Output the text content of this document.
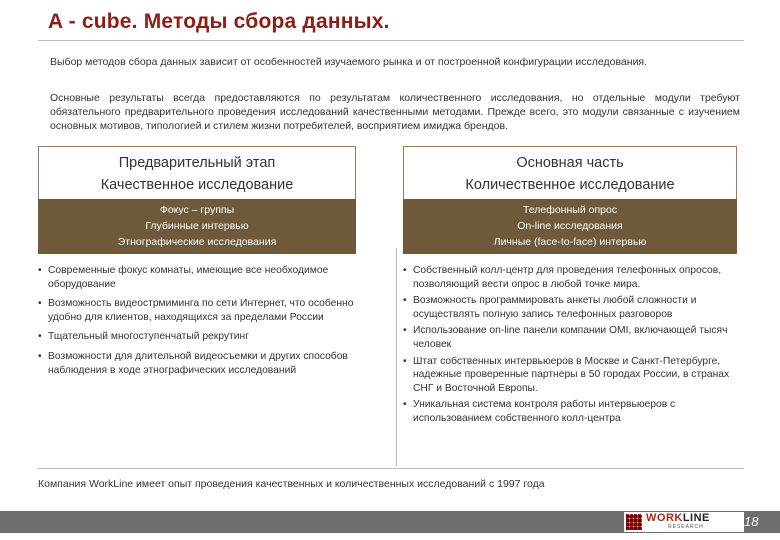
A - cube. Методы сбора данных.
Выбор методов сбора данных зависит от особенностей изучаемого рынка и от построенной конфигурации исследования.
Основные результаты всегда предоставляются по результатам количественного исследования, но отдельные модули требуют обязательного предварительного проведения исследований качественными методами. Прежде всего, это модули связанные с изучением основных мотивов, типологией и стилем жизни потребителей, восприятием имиджа брендов.
Предварительный этап
Качественное исследование
Фокус – группы
Глубинные интервью
Этнографические исследования
• Современные фокус комнаты, имеющие все необходимое оборудование
• Возможность видеострмиминга по сети Интернет, что особенно удобно для клиентов, находящихся за пределами России
• Тщательный многоступенчатый рекрутинг
• Возможности для длительной видеосъемки и других способов наблюдения в ходе этнографических исследований
Основная часть
Количественное исследование
Телефонный опрос
On-line исследования
Личные (face-to-face) интервью
• Собственный колл-центр для проведения телефонных опросов, позволяющий вести опрос в любой точке мира.
• Возможность программировать анкеты любой сложности и осуществлять полную запись телефонных разговоров
• Использование on-line панели компании OMI, включающей тысяч человек
• Штат собственных интервьюеров в Москве и Санкт-Петербурге, надежные проверенные партнеры в 50 городах России, в странах СНГ и Восточной Европы.
• Уникальная система контроля работы интервьюеров с использованием собственного колл-центра
Компания WorkLine имеет опыт проведения качественных и количественных исследований с 1997 года
WORKLINE
RESEARCH	18
